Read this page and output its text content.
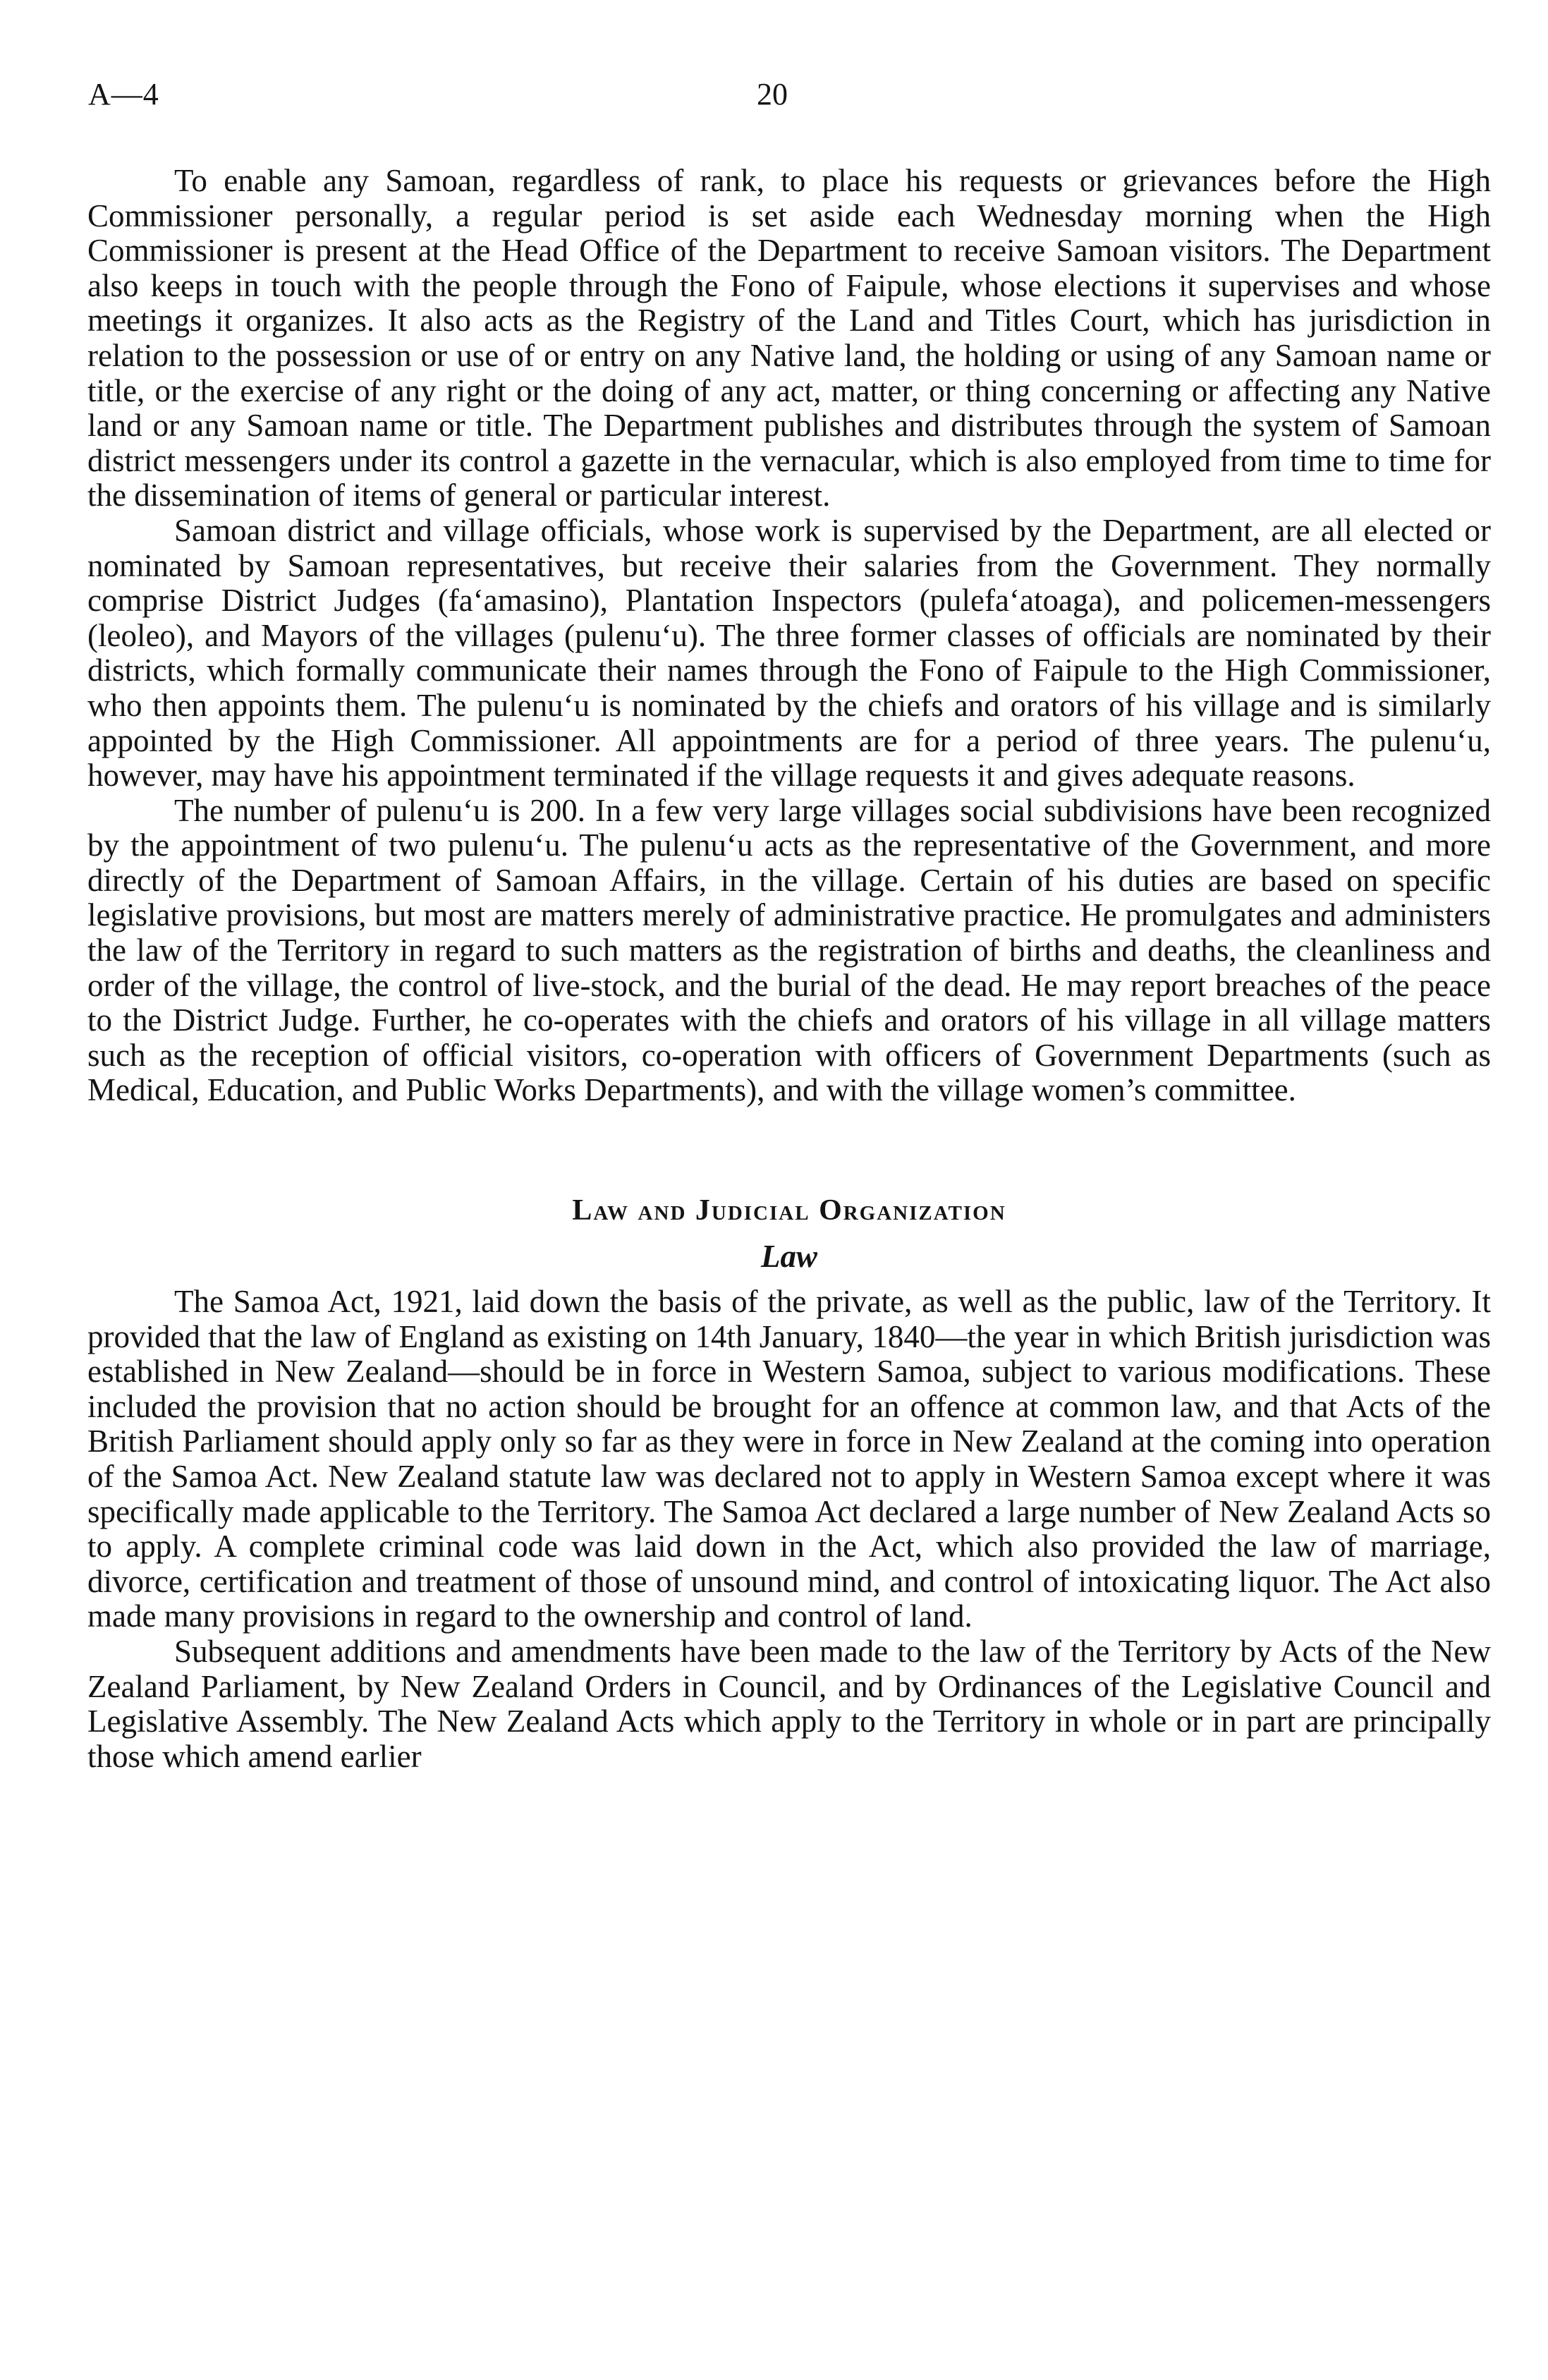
A—4	20

To enable any Samoan, regardless of rank, to place his requests or grievances before the High Commissioner personally, a regular period is set aside each Wednesday morning when the High Commissioner is present at the Head Office of the Department to receive Samoan visitors. The Department also keeps in touch with the people through the Fono of Faipule, whose elections it supervises and whose meetings it organizes. It also acts as the Registry of the Land and Titles Court, which has jurisdiction in relation to the possession or use of or entry on any Native land, the holding or using of any Samoan name or title, or the exercise of any right or the doing of any act, matter, or thing concerning or affecting any Native land or any Samoan name or title. The Department publishes and distributes through the system of Samoan district messengers under its control a gazette in the vernacular, which is also employed from time to time for the dissemination of items of general or particular interest.

Samoan district and village officials, whose work is supervised by the Department, are all elected or nominated by Samoan representatives, but receive their salaries from the Government. They normally comprise District Judges (fa‘amasino), Plantation Inspectors (pulefa‘atoaga), and policemen-messengers (leoleo), and Mayors of the villages (pulenu‘u). The three former classes of officials are nominated by their districts, which formally communicate their names through the Fono of Faipule to the High Commissioner, who then appoints them. The pulenu‘u is nominated by the chiefs and orators of his village and is similarly appointed by the High Commissioner. All appointments are for a period of three years. The pulenu‘u, however, may have his appointment terminated if the village requests it and gives adequate reasons.

The number of pulenu‘u is 200. In a few very large villages social subdivisions have been recognized by the appointment of two pulenu‘u. The pulenu‘u acts as the representative of the Government, and more directly of the Department of Samoan Affairs, in the village. Certain of his duties are based on specific legislative provisions, but most are matters merely of administrative practice. He promulgates and administers the law of the Territory in regard to such matters as the registration of births and deaths, the cleanliness and order of the village, the control of live-stock, and the burial of the dead. He may report breaches of the peace to the District Judge. Further, he co-operates with the chiefs and orators of his village in all village matters such as the reception of official visitors, co-operation with officers of Government Departments (such as Medical, Education, and Public Works Departments), and with the village women’s committee.

Law and Judicial Organization
Law

The Samoa Act, 1921, laid down the basis of the private, as well as the public, law of the Territory. It provided that the law of England as existing on 14th January, 1840—the year in which British jurisdiction was established in New Zealand—should be in force in Western Samoa, subject to various modifications. These included the provision that no action should be brought for an offence at common law, and that Acts of the British Parliament should apply only so far as they were in force in New Zealand at the coming into operation of the Samoa Act. New Zealand statute law was declared not to apply in Western Samoa except where it was specifically made applicable to the Territory. The Samoa Act declared a large number of New Zealand Acts so to apply. A complete criminal code was laid down in the Act, which also provided the law of marriage, divorce, certification and treatment of those of unsound mind, and control of intoxicating liquor. The Act also made many provisions in regard to the ownership and control of land.

Subsequent additions and amendments have been made to the law of the Territory by Acts of the New Zealand Parliament, by New Zealand Orders in Council, and by Ordinances of the Legislative Council and Legislative Assembly. The New Zealand Acts which apply to the Territory in whole or in part are principally those which amend earlier
